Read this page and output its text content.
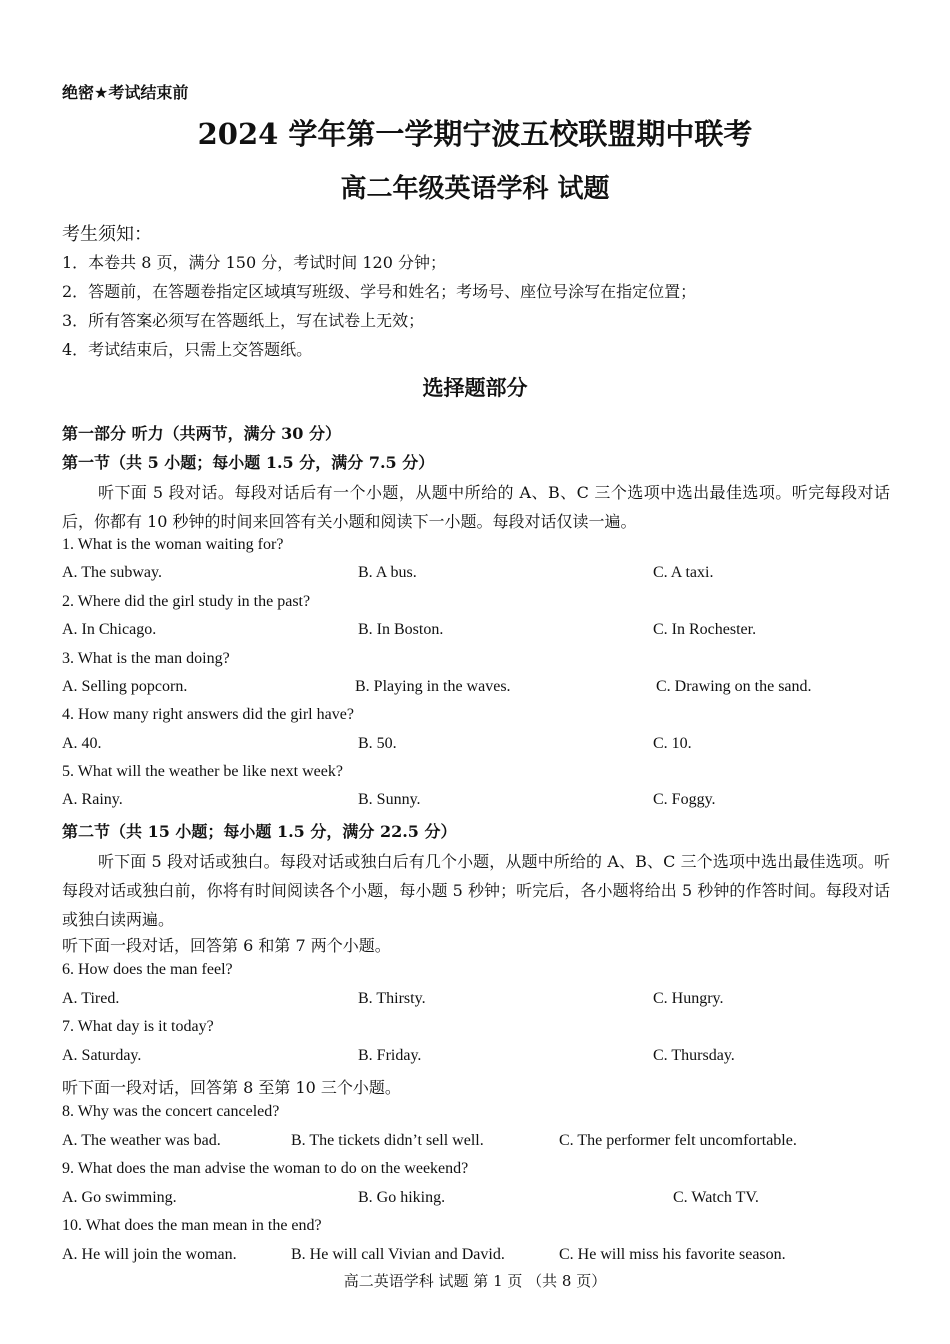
绝密★考试结束前
2024 学年第一学期宁波五校联盟期中联考
高二年级英语学科 试题
考生须知：
1．本卷共 8 页，满分 150 分，考试时间 120 分钟；
2．答题前，在答题卷指定区域填写班级、学号和姓名；考场号、座位号涂写在指定位置；
3．所有答案必须写在答题纸上，写在试卷上无效；
4．考试结束后，只需上交答题纸。
选择题部分
第一部分 听力（共两节，满分 30 分）
第一节（共 5 小题；每小题 1.5 分，满分 7.5 分）
听下面 5 段对话。每段对话后有一个小题，从题中所给的 A、B、C 三个选项中选出最佳选项。听完每段对话后，你都有 10 秒钟的时间来回答有关小题和阅读下一小题。每段对话仅读一遍。
1. What is the woman waiting for?
A. The subway.	B. A bus.	C. A taxi.
2. Where did the girl study in the past?
A. In Chicago.	B. In Boston.	C. In Rochester.
3. What is the man doing?
A. Selling popcorn.	B. Playing in the waves.	C. Drawing on the sand.
4. How many right answers did the girl have?
A. 40.	B. 50.	C. 10.
5. What will the weather be like next week?
A. Rainy.	B. Sunny.	C. Foggy.
第二节（共 15 小题；每小题 1.5 分，满分 22.5 分）
听下面 5 段对话或独白。每段对话或独白后有几个小题，从题中所给的 A、B、C 三个选项中选出最佳选项。听每段对话或独白前，你将有时间阅读各个小题，每小题 5 秒钟；听完后，各小题将给出 5 秒钟的作答时间。每段对话或独白读两遍。
听下面一段对话，回答第 6 和第 7 两个小题。
6. How does the man feel?
A. Tired.	B. Thirsty.	C. Hungry.
7. What day is it today?
A. Saturday.	B. Friday.	C. Thursday.
听下面一段对话，回答第 8 至第 10 三个小题。
8. Why was the concert canceled?
A. The weather was bad.	B. The tickets didn’t sell well.	C. The performer felt uncomfortable.
9. What does the man advise the woman to do on the weekend?
A. Go swimming.	B. Go hiking.	C. Watch TV.
10. What does the man mean in the end?
A. He will join the woman.	B. He will call Vivian and David.	C. He will miss his favorite season.
高二英语学科 试题 第 1 页 （共 8 页）
